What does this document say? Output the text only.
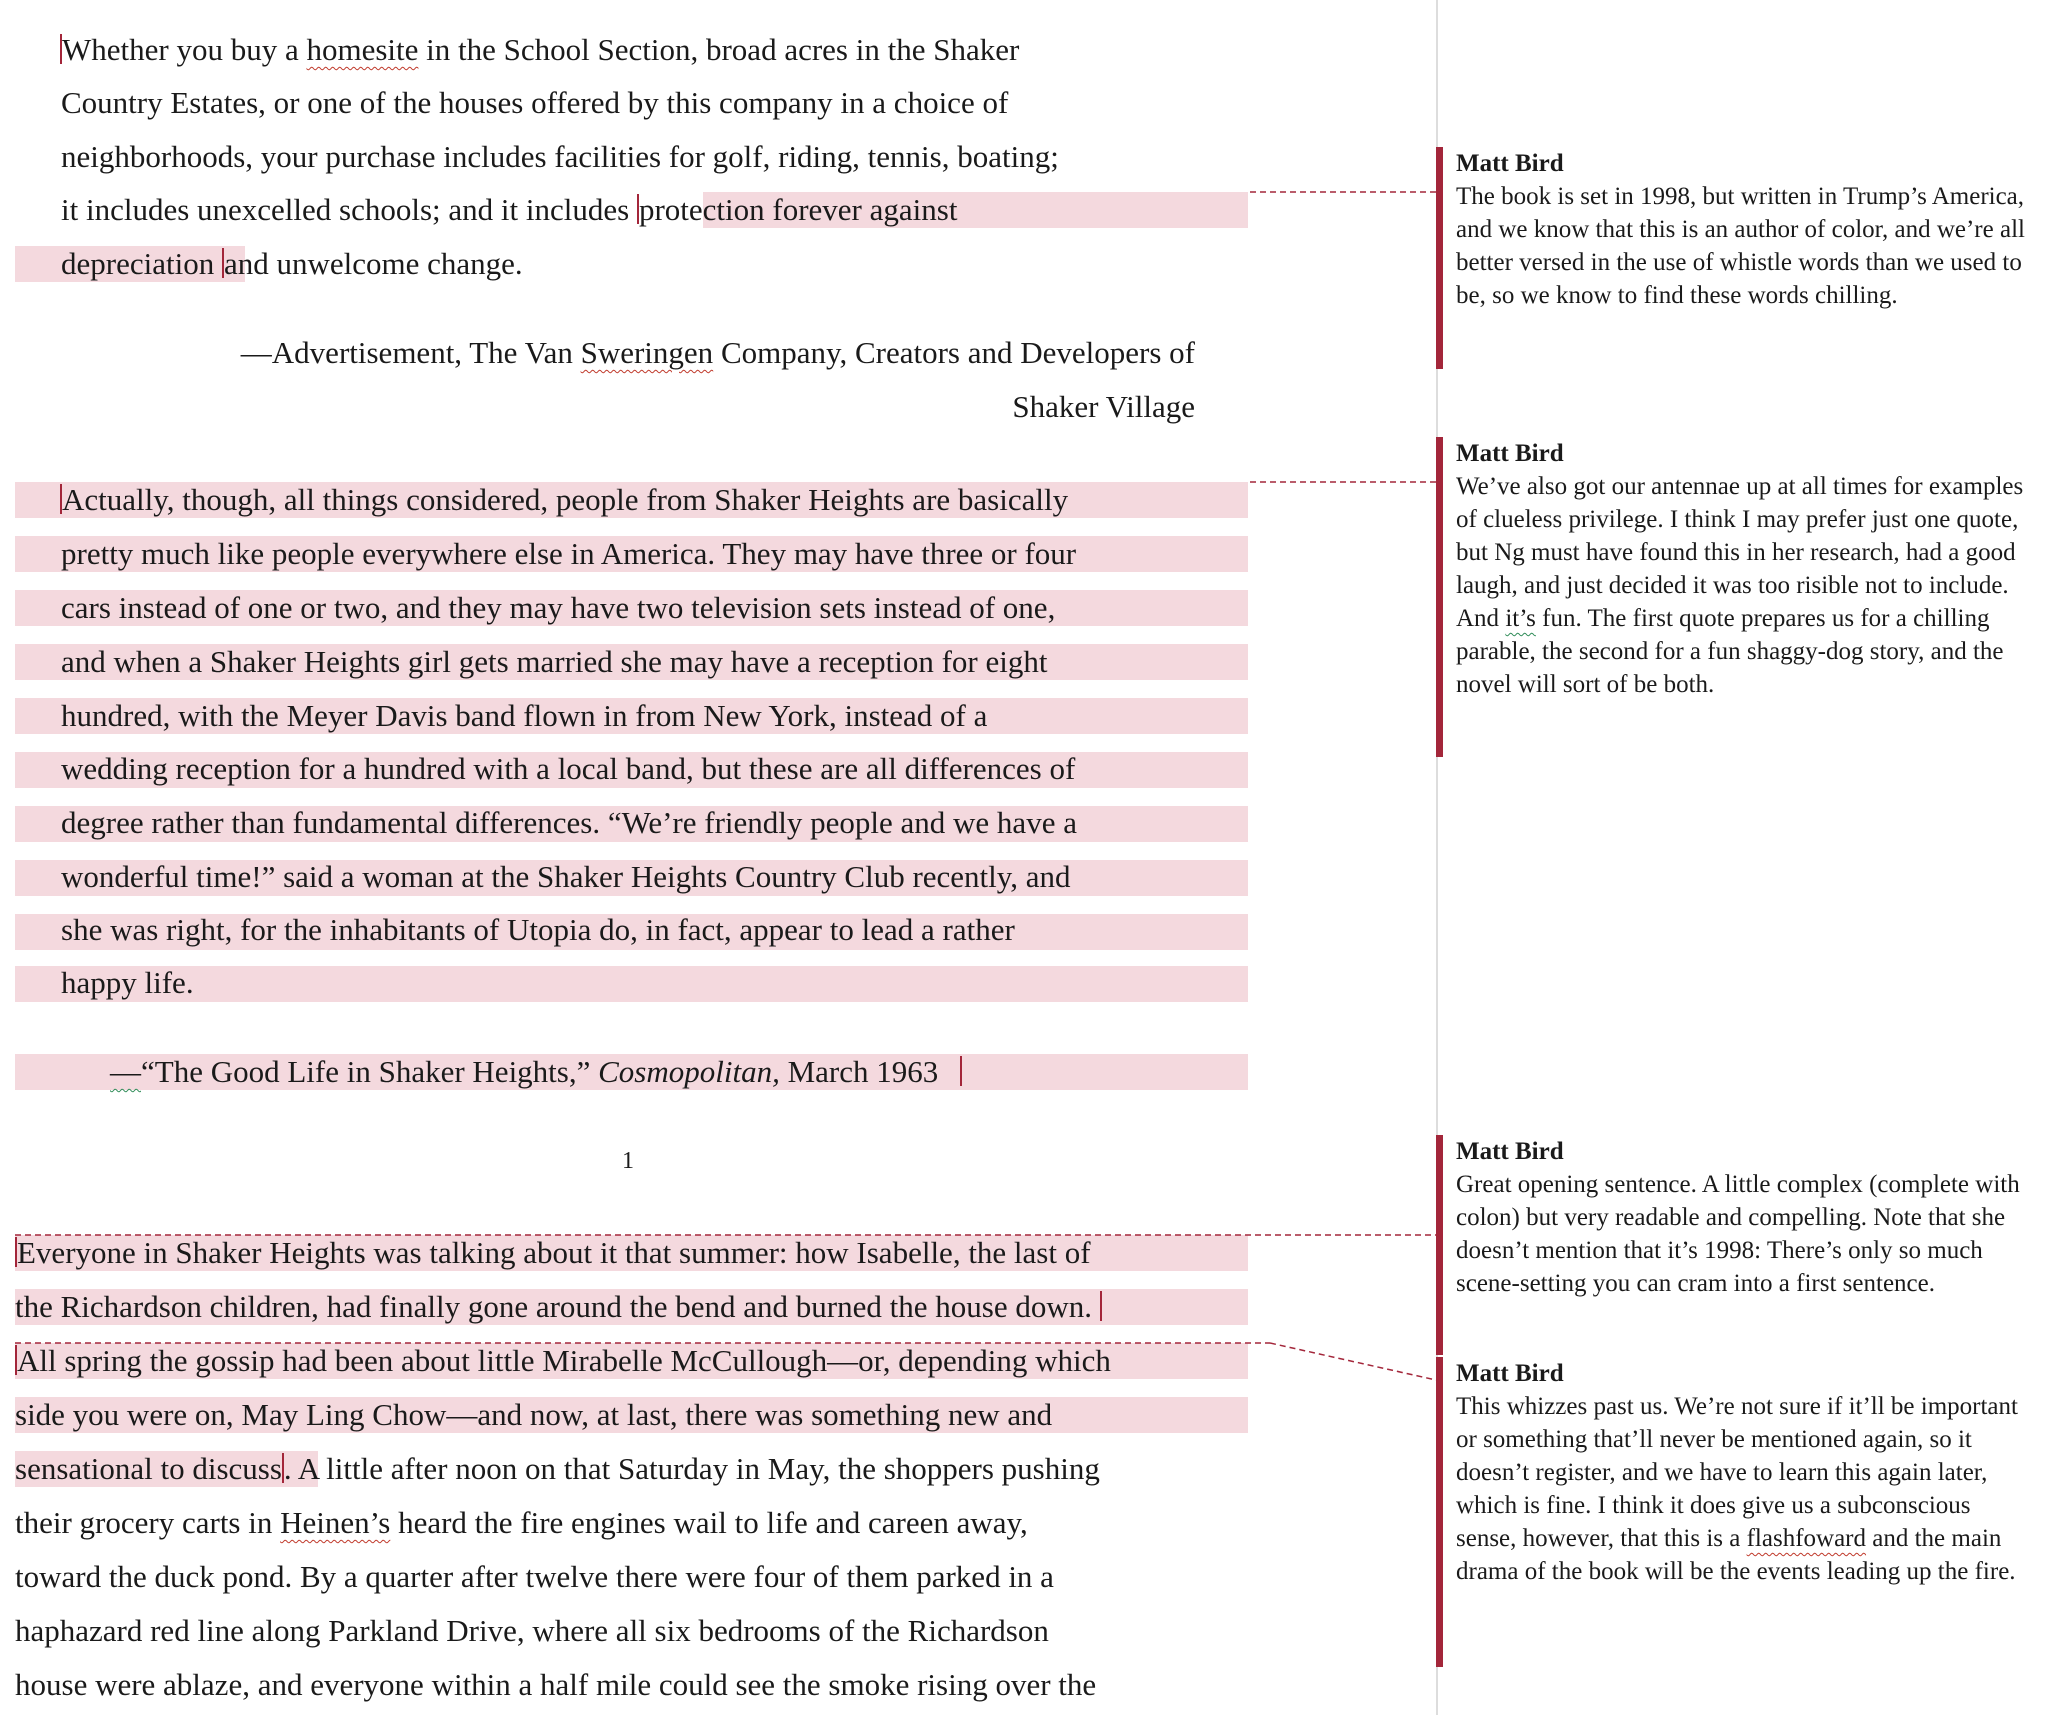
Whether you buy a homesite in the School Section, broad acres in the Shaker
Country Estates, or one of the houses offered by this company in a choice of
neighborhoods, your purchase includes facilities for golf, riding, tennis, boating;
it includes unexcelled schools; and it includes protection forever against
depreciation and unwelcome change.
—Advertisement, The Van Sweringen Company, Creators and Developers of
Shaker Village
Actually, though, all things considered, people from Shaker Heights are basically
pretty much like people everywhere else in America. They may have three or four
cars instead of one or two, and they may have two television sets instead of one,
and when a Shaker Heights girl gets married she may have a reception for eight
hundred, with the Meyer Davis band flown in from New York, instead of a
wedding reception for a hundred with a local band, but these are all differences of
degree rather than fundamental differences. “We’re friendly people and we have a
wonderful time!” said a woman at the Shaker Heights Country Club recently, and
she was right, for the inhabitants of Utopia do, in fact, appear to lead a rather
happy life.
—“The Good Life in Shaker Heights,” Cosmopolitan, March 1963
1
Everyone in Shaker Heights was talking about it that summer: how Isabelle, the last of
the Richardson children, had finally gone around the bend and burned the house down.
All spring the gossip had been about little Mirabelle McCullough—or, depending which
side you were on, May Ling Chow—and now, at last, there was something new and
sensational to discuss. A little after noon on that Saturday in May, the shoppers pushing
their grocery carts in Heinen’s heard the fire engines wail to life and careen away,
toward the duck pond. By a quarter after twelve there were four of them parked in a
haphazard red line along Parkland Drive, where all six bedrooms of the Richardson
house were ablaze, and everyone within a half mile could see the smoke rising over the
Matt Bird
The book is set in 1998, but written in Trump’s America, and we know that this is an author of color, and we’re all better versed in the use of whistle words than we used to be, so we know to find these words chilling.
Matt Bird
We’ve also got our antennae up at all times for examples of clueless privilege. I think I may prefer just one quote, but Ng must have found this in her research, had a good laugh, and just decided it was too risible not to include. And it’s fun. The first quote prepares us for a chilling parable, the second for a fun shaggy-dog story, and the novel will sort of be both.
Matt Bird
Great opening sentence. A little complex (complete with colon) but very readable and compelling. Note that she doesn’t mention that it’s 1998: There’s only so much scene-setting you can cram into a first sentence.
Matt Bird
This whizzes past us. We’re not sure if it’ll be important or something that’ll never be mentioned again, so it doesn’t register, and we have to learn this again later, which is fine. I think it does give us a subconscious sense, however, that this is a flashfoward and the main drama of the book will be the events leading up the fire.
